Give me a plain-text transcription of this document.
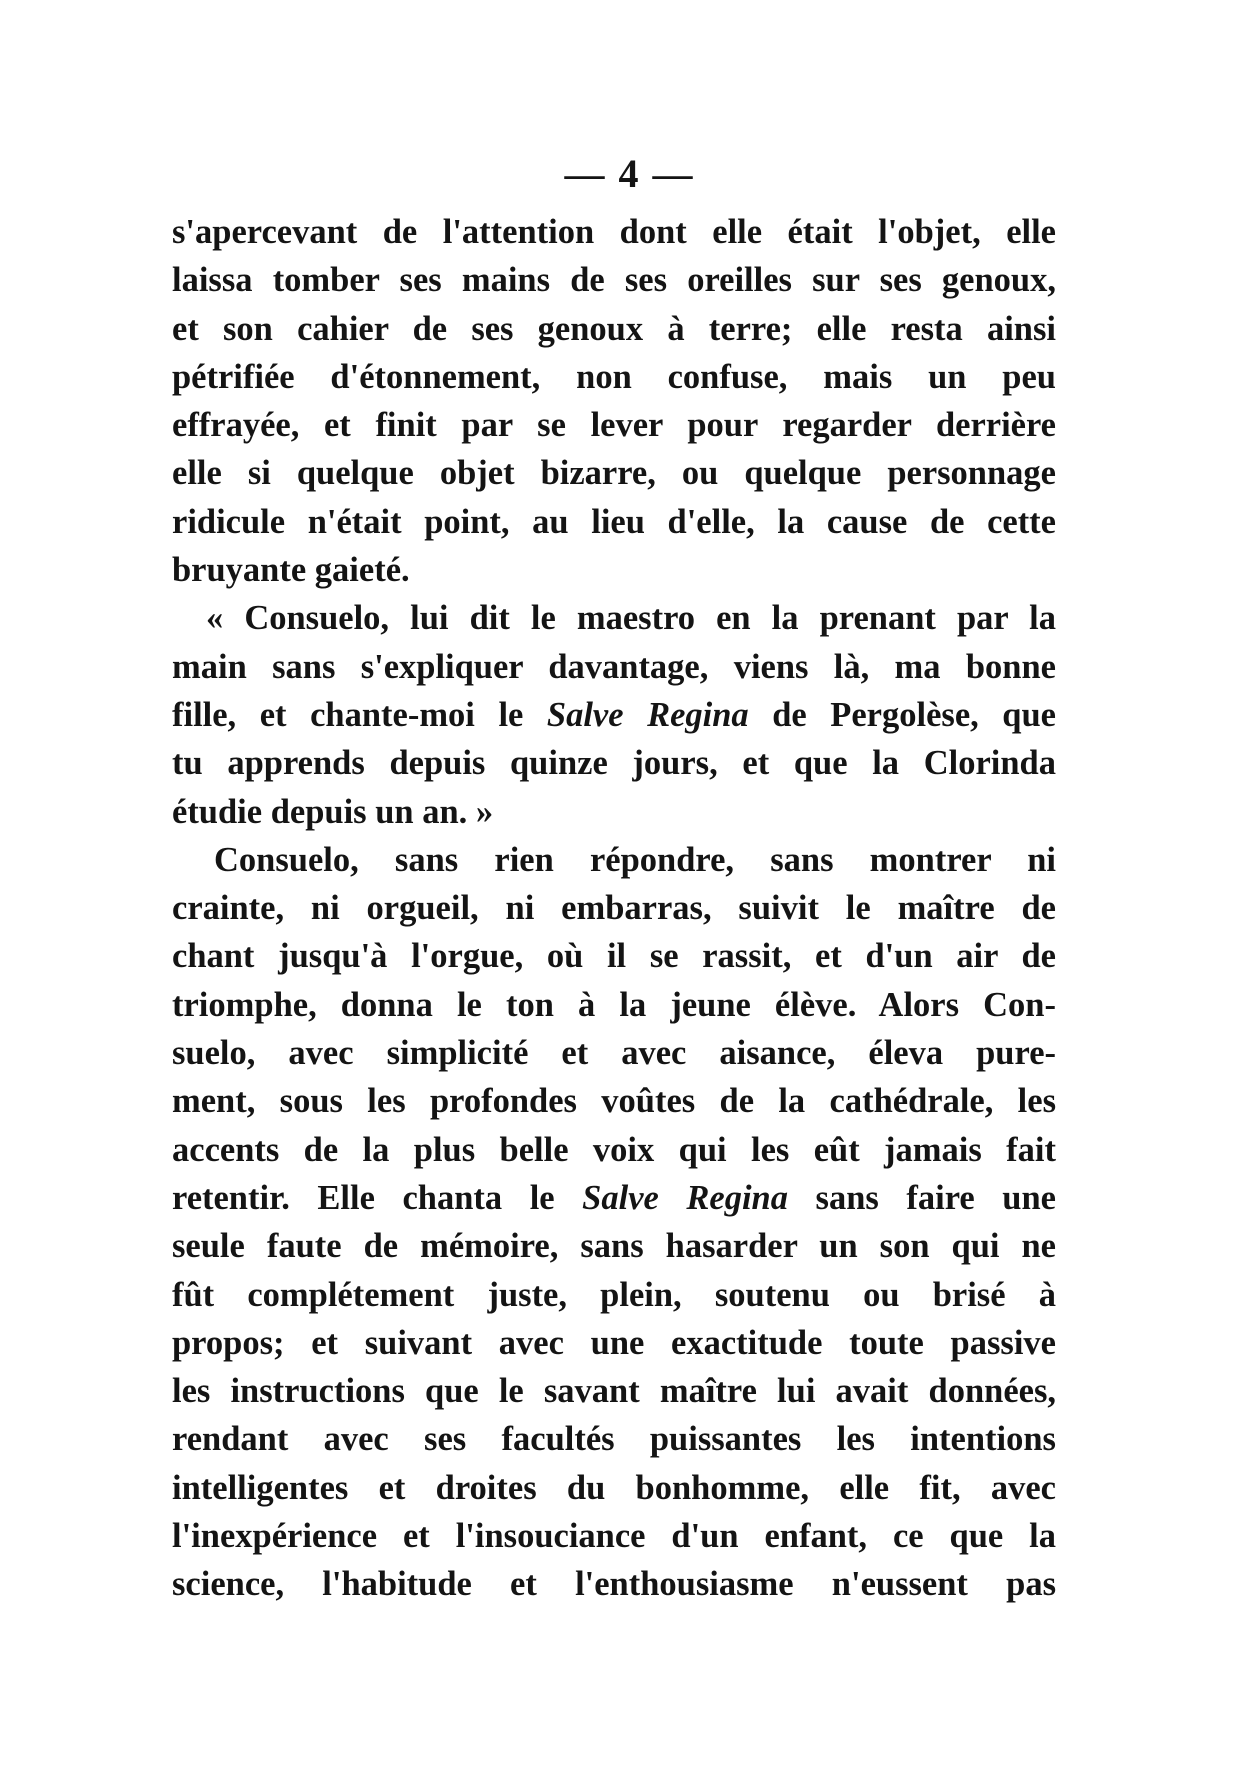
— 4 —
s'apercevant de l'attention dont elle était l'objet, elle
laissa tomber ses mains de ses oreilles sur ses genoux,
et son cahier de ses genoux à terre; elle resta ainsi
pétrifiée d'étonnement, non confuse, mais un peu
effrayée, et finit par se lever pour regarder derrière
elle si quelque objet bizarre, ou quelque personnage
ridicule n'était point, au lieu d'elle, la cause de cette
bruyante gaieté.
« Consuelo, lui dit le maestro en la prenant par la
main sans s'expliquer davantage, viens là, ma bonne
fille, et chante-moi le Salve Regina de Pergolèse, que
tu apprends depuis quinze jours, et que la Clorinda
étudie depuis un an. »
Consuelo, sans rien répondre, sans montrer ni
crainte, ni orgueil, ni embarras, suivit le maître de
chant jusqu'à l'orgue, où il se rassit, et d'un air de
triomphe, donna le ton à la jeune élève. Alors Con-
suelo, avec simplicité et avec aisance, éleva pure-
ment, sous les profondes voûtes de la cathédrale, les
accents de la plus belle voix qui les eût jamais fait
retentir. Elle chanta le Salve Regina sans faire une
seule faute de mémoire, sans hasarder un son qui ne
fût complétement juste, plein, soutenu ou brisé à
propos; et suivant avec une exactitude toute passive
les instructions que le savant maître lui avait données,
rendant avec ses facultés puissantes les intentions
intelligentes et droites du bonhomme, elle fit, avec
l'inexpérience et l'insouciance d'un enfant, ce que la
science, l'habitude et l'enthousiasme n'eussent pas
